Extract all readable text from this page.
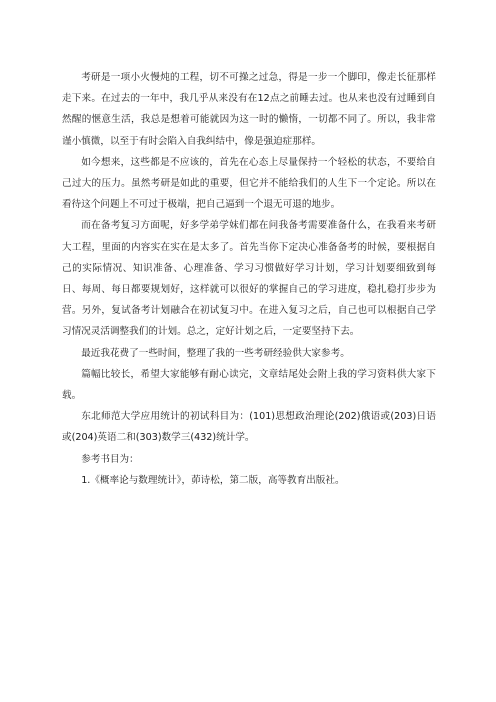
考研是一项小火慢炖的工程，切不可操之过急，得是一步一个脚印，像走长征那样走下来。在过去的一年中，我几乎从来没有在12点之前睡去过。也从来也没有过睡到自然醒的惬意生活，我总是想着可能就因为这一时的懒惰，一切都不同了。所以，我非常谨小慎微，以至于有时会陷入自我纠结中，像是强迫症那样。

如今想来，这些都是不应该的，首先在心态上尽量保持一个轻松的状态，不要给自己过大的压力。虽然考研是如此的重要，但它并不能给我们的人生下一个定论。所以在看待这个问题上不可过于极端，把自己逼到一个退无可退的地步。

而在备考复习方面呢，好多学弟学妹们都在问我备考需要准备什么，在我看来考研大工程，里面的内容实在实在是太多了。首先当你下定决心准备备考的时候，要根据自己的实际情况、知识准备、心理准备、学习习惯做好学习计划，学习计划要细致到每日、每周、每日都要规划好，这样就可以很好的掌握自己的学习进度，稳扎稳打步步为营。另外，复试备考计划融合在初试复习中。在进入复习之后，自己也可以根据自己学习情况灵活调整我们的计划。总之，定好计划之后，一定要坚持下去。

最近我花费了一些时间，整理了我的一些考研经验供大家参考。

篇幅比较长，希望大家能够有耐心读完，文章结尾处会附上我的学习资料供大家下载。

东北师范大学应用统计的初试科目为：(101)思想政治理论(202)俄语或(203)日语或(204)英语二和(303)数学三(432)统计学。

参考书目为：

1.《概率论与数理统计》，茆诗松，第二版，高等教育出版社。
